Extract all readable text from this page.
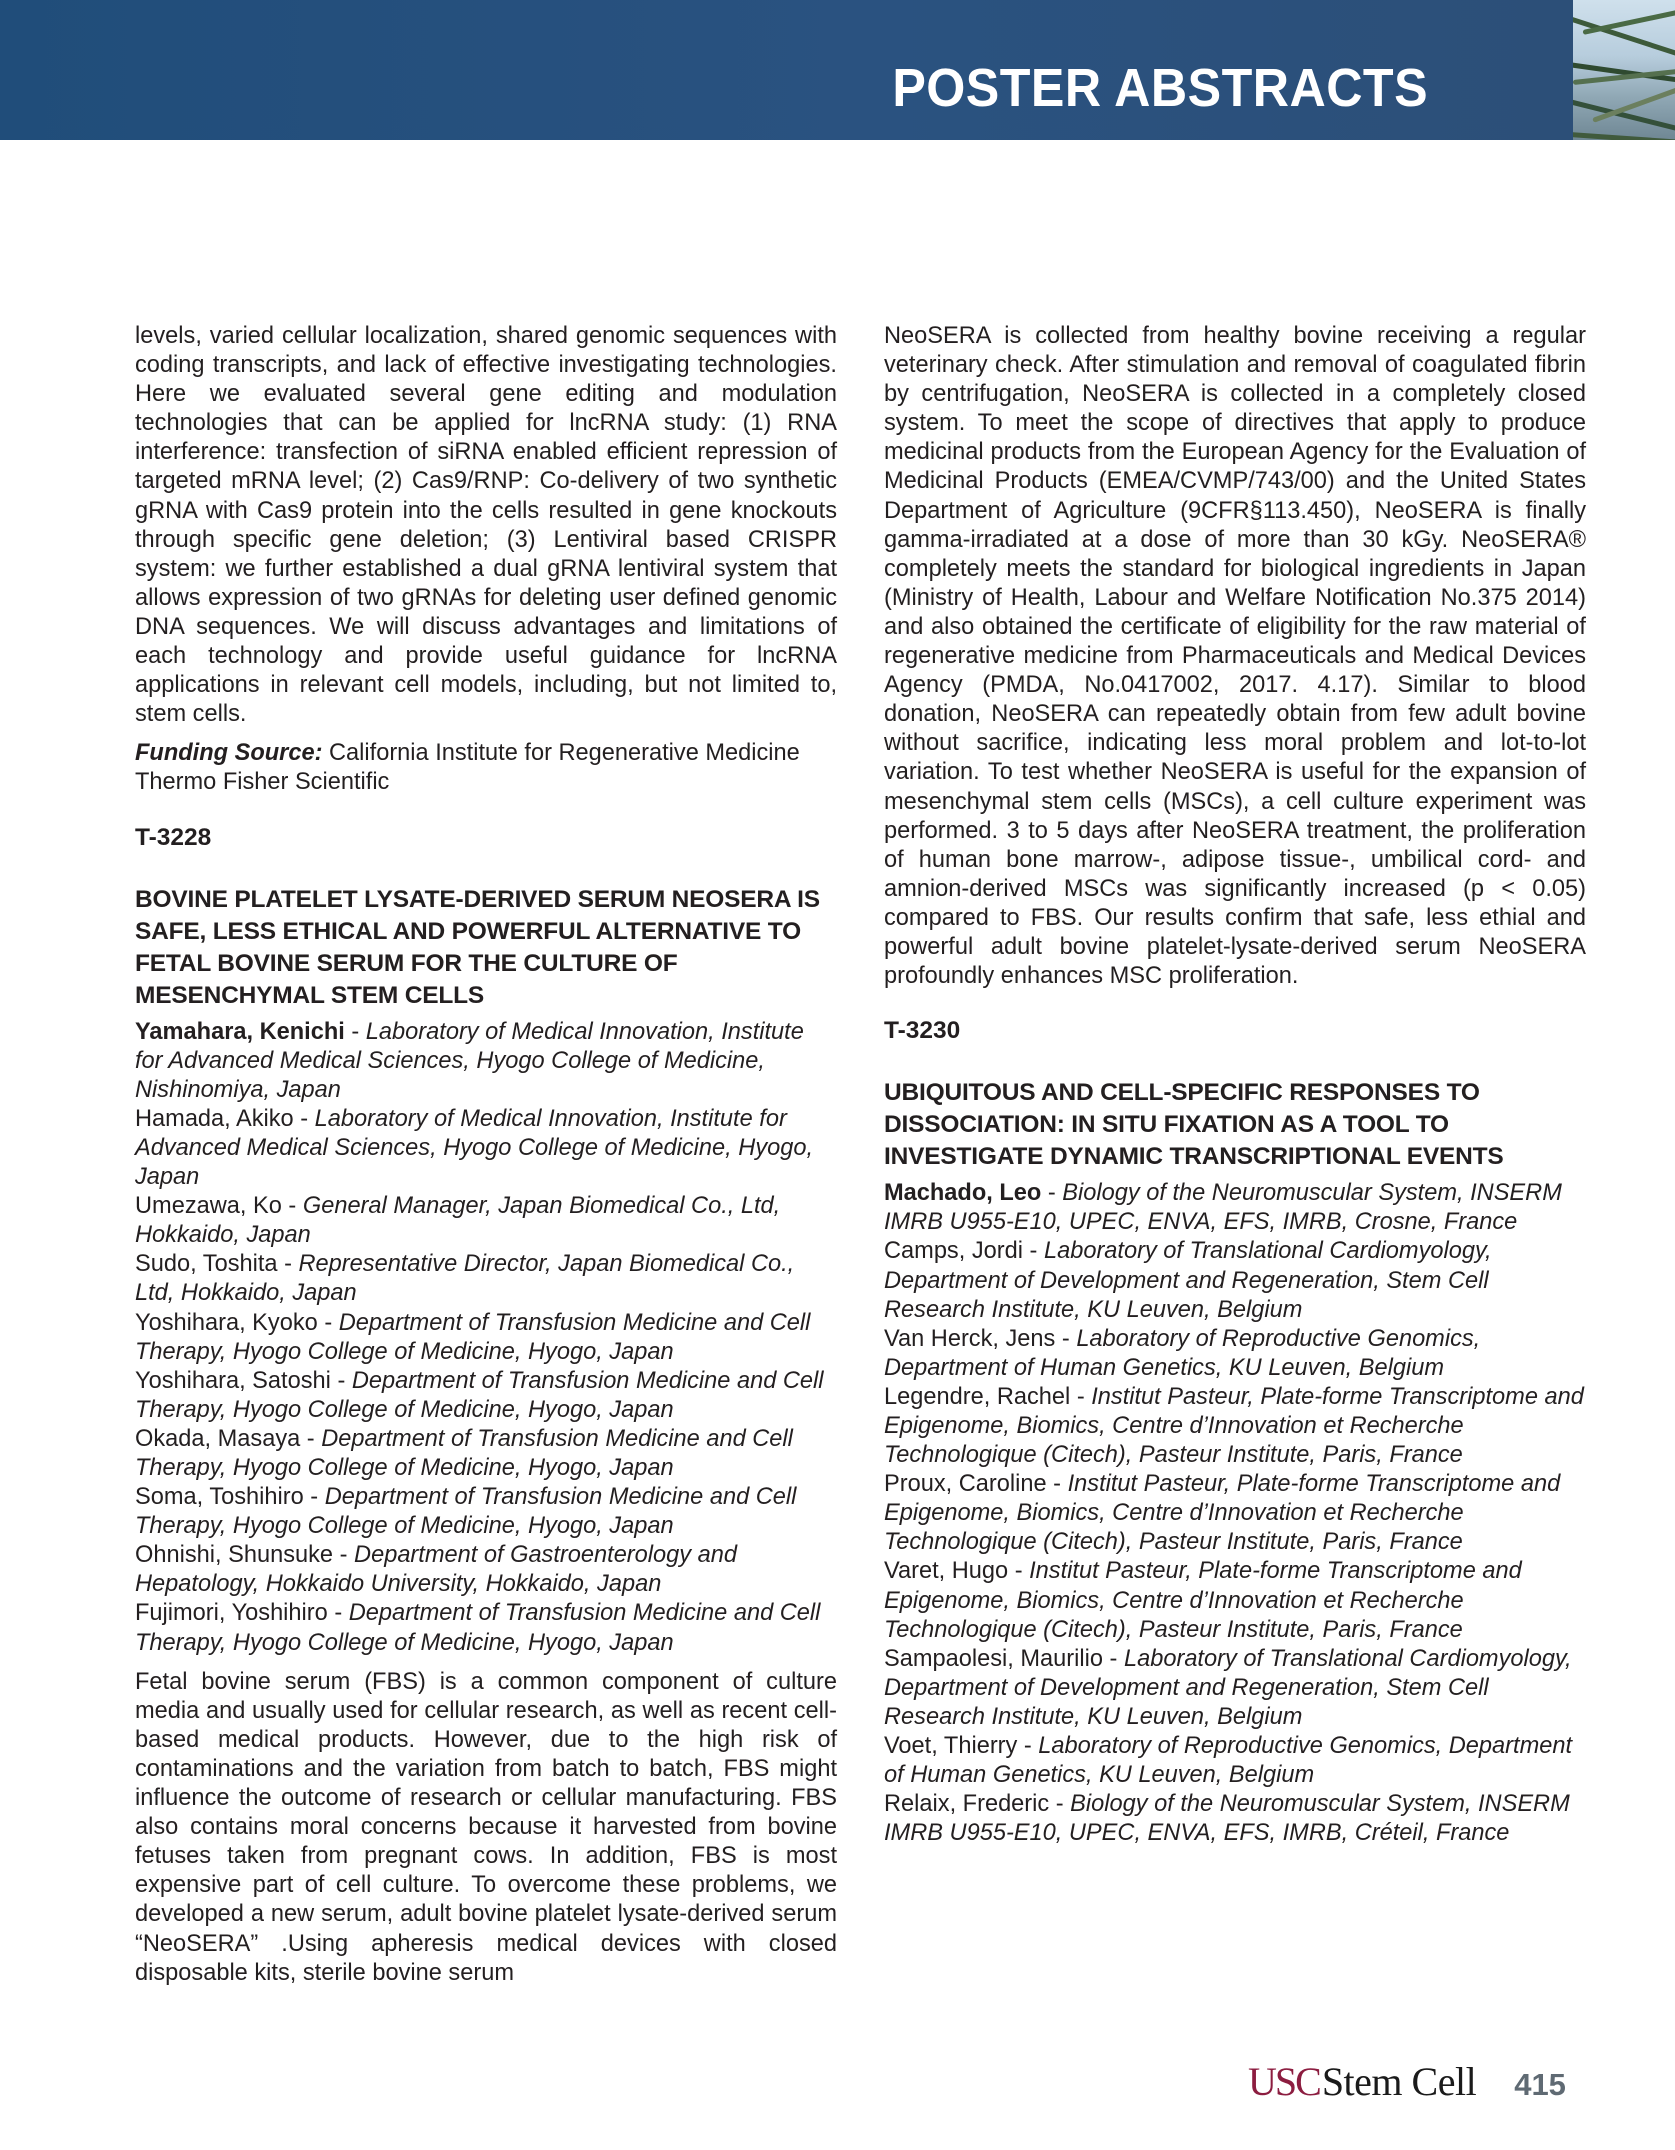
POSTER ABSTRACTS

levels, varied cellular localization, shared genomic sequences with coding transcripts, and lack of effective investigating technologies. Here we evaluated several gene editing and modulation technologies that can be applied for lncRNA study: (1) RNA interference: transfection of siRNA enabled efficient repression of targeted mRNA level; (2) Cas9/RNP: Co-delivery of two synthetic gRNA with Cas9 protein into the cells resulted in gene knockouts through specific gene deletion; (3) Lentiviral based CRISPR system: we further established a dual gRNA lentiviral system that allows expression of two gRNAs for deleting user defined genomic DNA sequences. We will discuss advantages and limitations of each technology and provide useful guidance for lncRNA applications in relevant cell models, including, but not limited to, stem cells.

Funding Source: California Institute for Regenerative Medicine
Thermo Fisher Scientific

T-3228
BOVINE PLATELET LYSATE-DERIVED SERUM NEOSERA IS SAFE, LESS ETHICAL AND POWERFUL ALTERNATIVE TO FETAL BOVINE SERUM FOR THE CULTURE OF MESENCHYMAL STEM CELLS

Yamahara, Kenichi - Laboratory of Medical Innovation, Institute for Advanced Medical Sciences, Hyogo College of Medicine, Nishinomiya, Japan

Hamada, Akiko - Laboratory of Medical Innovation, Institute for Advanced Medical Sciences, Hyogo College of Medicine, Hyogo, Japan

Umezawa, Ko - General Manager, Japan Biomedical Co., Ltd, Hokkaido, Japan

Sudo, Toshita - Representative Director, Japan Biomedical Co., Ltd, Hokkaido, Japan

Yoshihara, Kyoko - Department of Transfusion Medicine and Cell Therapy, Hyogo College of Medicine, Hyogo, Japan

Yoshihara, Satoshi - Department of Transfusion Medicine and Cell Therapy, Hyogo College of Medicine, Hyogo, Japan

Okada, Masaya - Department of Transfusion Medicine and Cell Therapy, Hyogo College of Medicine, Hyogo, Japan

Soma, Toshihiro - Department of Transfusion Medicine and Cell Therapy, Hyogo College of Medicine, Hyogo, Japan

Ohnishi, Shunsuke - Department of Gastroenterology and Hepatology, Hokkaido University, Hokkaido, Japan

Fujimori, Yoshihiro - Department of Transfusion Medicine and Cell Therapy, Hyogo College of Medicine, Hyogo, Japan

Fetal bovine serum (FBS) is a common component of culture media and usually used for cellular research, as well as recent cell-based medical products. However, due to the high risk of contaminations and the variation from batch to batch, FBS might influence the outcome of research or cellular manufacturing. FBS also contains moral concerns because it harvested from bovine fetuses taken from pregnant cows. In addition, FBS is most expensive part of cell culture. To overcome these problems, we developed a new serum, adult bovine platelet lysate-derived serum “NeoSERA” .Using apheresis medical devices with closed disposable kits, sterile bovine serum

NeoSERA is collected from healthy bovine receiving a regular veterinary check. After stimulation and removal of coagulated fibrin by centrifugation, NeoSERA is collected in a completely closed system. To meet the scope of directives that apply to produce medicinal products from the European Agency for the Evaluation of Medicinal Products (EMEA/CVMP/743/00) and the United States Department of Agriculture (9CFR§113.450), NeoSERA is finally gamma-irradiated at a dose of more than 30 kGy. NeoSERA® completely meets the standard for biological ingredients in Japan (Ministry of Health, Labour and Welfare Notification No.375 2014) and also obtained the certificate of eligibility for the raw material of regenerative medicine from Pharmaceuticals and Medical Devices Agency (PMDA, No.0417002, 2017. 4.17). Similar to blood donation, NeoSERA can repeatedly obtain from few adult bovine without sacrifice, indicating less moral problem and lot-to-lot variation. To test whether NeoSERA is useful for the expansion of mesenchymal stem cells (MSCs), a cell culture experiment was performed. 3 to 5 days after NeoSERA treatment, the proliferation of human bone marrow-, adipose tissue-, umbilical cord- and amnion-derived MSCs was significantly increased (p < 0.05) compared to FBS. Our results confirm that safe, less ethial and powerful adult bovine platelet-lysate-derived serum NeoSERA profoundly enhances MSC proliferation.

T-3230
UBIQUITOUS AND CELL-SPECIFIC RESPONSES TO DISSOCIATION: IN SITU FIXATION AS A TOOL TO INVESTIGATE DYNAMIC TRANSCRIPTIONAL EVENTS

Machado, Leo - Biology of the Neuromuscular System, INSERM IMRB U955-E10, UPEC, ENVA, EFS, IMRB, Crosne, France

Camps, Jordi - Laboratory of Translational Cardiomyology, Department of Development and Regeneration, Stem Cell Research Institute, KU Leuven, Belgium

Van Herck, Jens - Laboratory of Reproductive Genomics, Department of Human Genetics, KU Leuven, Belgium

Legendre, Rachel - Institut Pasteur, Plate-forme Transcriptome and Epigenome, Biomics, Centre d’Innovation et Recherche Technologique (Citech), Pasteur Institute, Paris, France

Proux, Caroline - Institut Pasteur, Plate-forme Transcriptome and Epigenome, Biomics, Centre d’Innovation et Recherche Technologique (Citech), Pasteur Institute, Paris, France

Varet, Hugo - Institut Pasteur, Plate-forme Transcriptome and Epigenome, Biomics, Centre d’Innovation et Recherche Technologique (Citech), Pasteur Institute, Paris, France

Sampaolesi, Maurilio - Laboratory of Translational Cardiomyology, Department of Development and Regeneration, Stem Cell Research Institute, KU Leuven, Belgium

Voet, Thierry - Laboratory of Reproductive Genomics, Department of Human Genetics, KU Leuven, Belgium

Relaix, Frederic - Biology of the Neuromuscular System, INSERM IMRB U955-E10, UPEC, ENVA, EFS, IMRB, Créteil, France

USC Stem Cell 415
